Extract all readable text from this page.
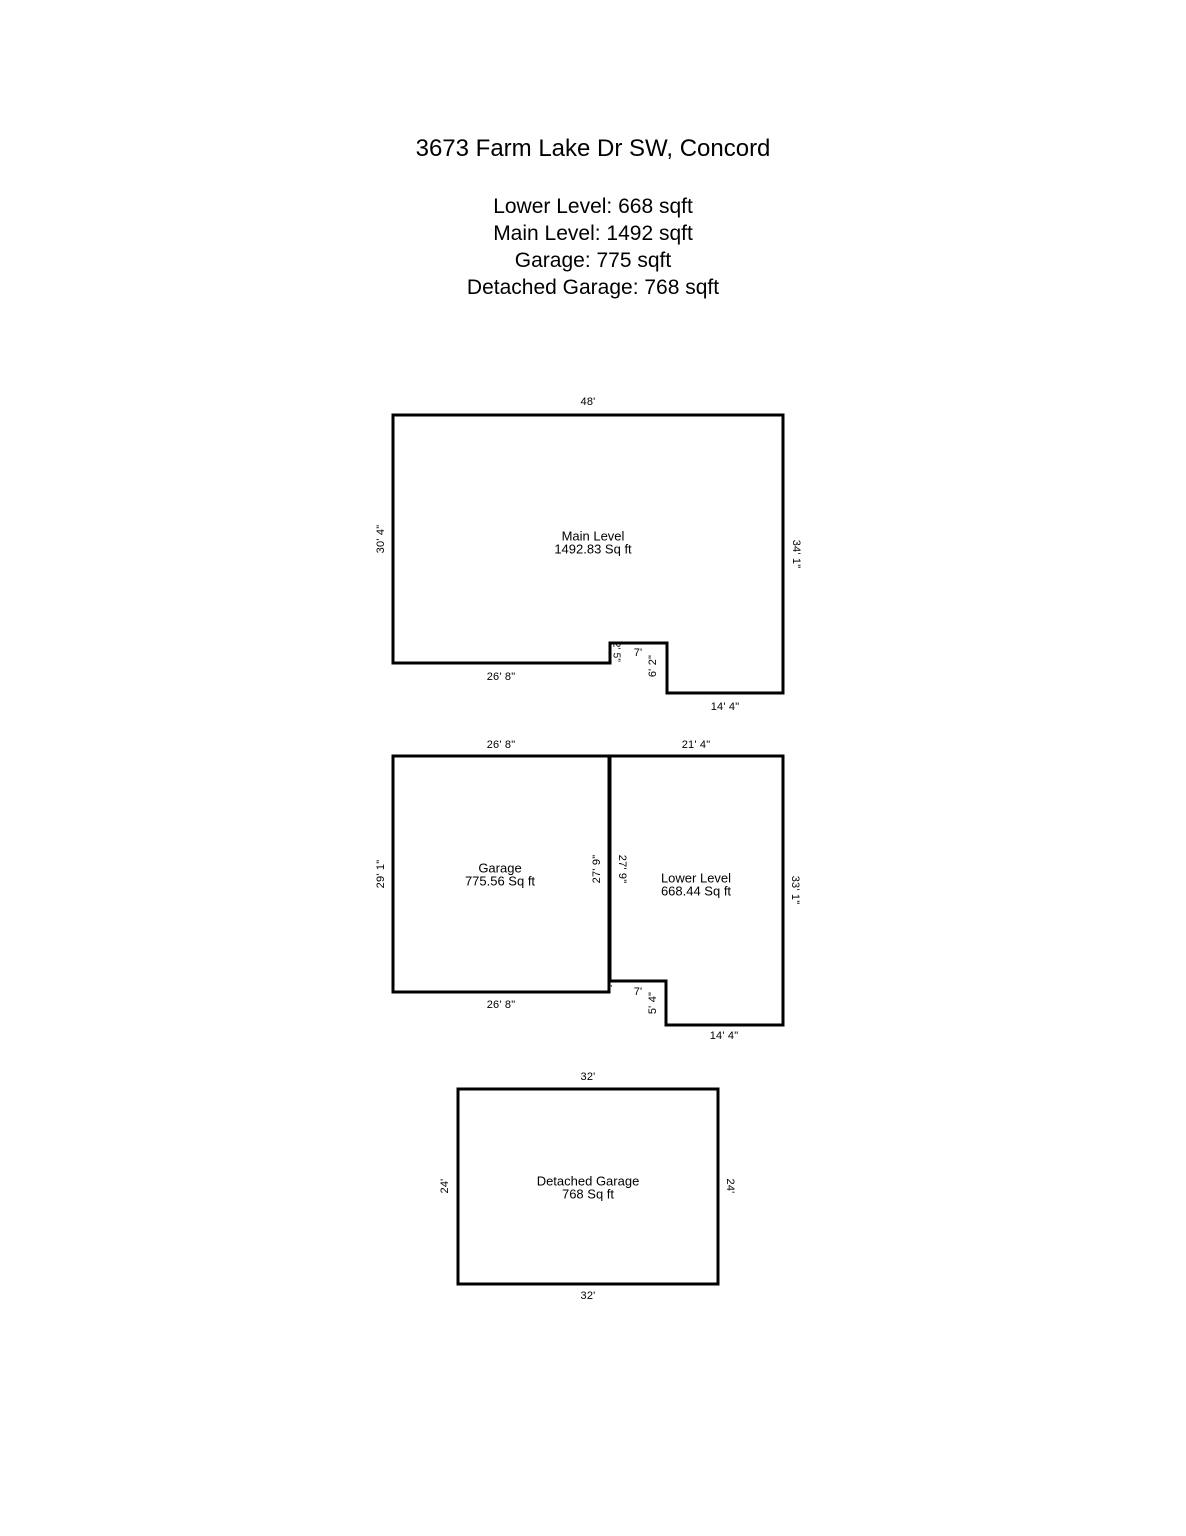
3673 Farm Lake Dr SW, Concord
Lower Level: 668 sqft
Main Level: 1492 sqft
Garage: 775 sqft
Detached Garage: 768 sqft
48'
30' 4"
34' 1"
26' 8"
2' 5" 7'
6' 2"
14' 4"
Main Level
1492.83 Sq ft
26' 8"
29' 1"	27' 9"
1' 4"
26' 8"
Garage
775.56 Sq ft
21' 4"
27' 9"
33' 1"
7' 5' 4"
14' 4"
Lower Level
668.44 Sq ft
32'
24'	24'
32'
Detached Garage
768 Sq ft
